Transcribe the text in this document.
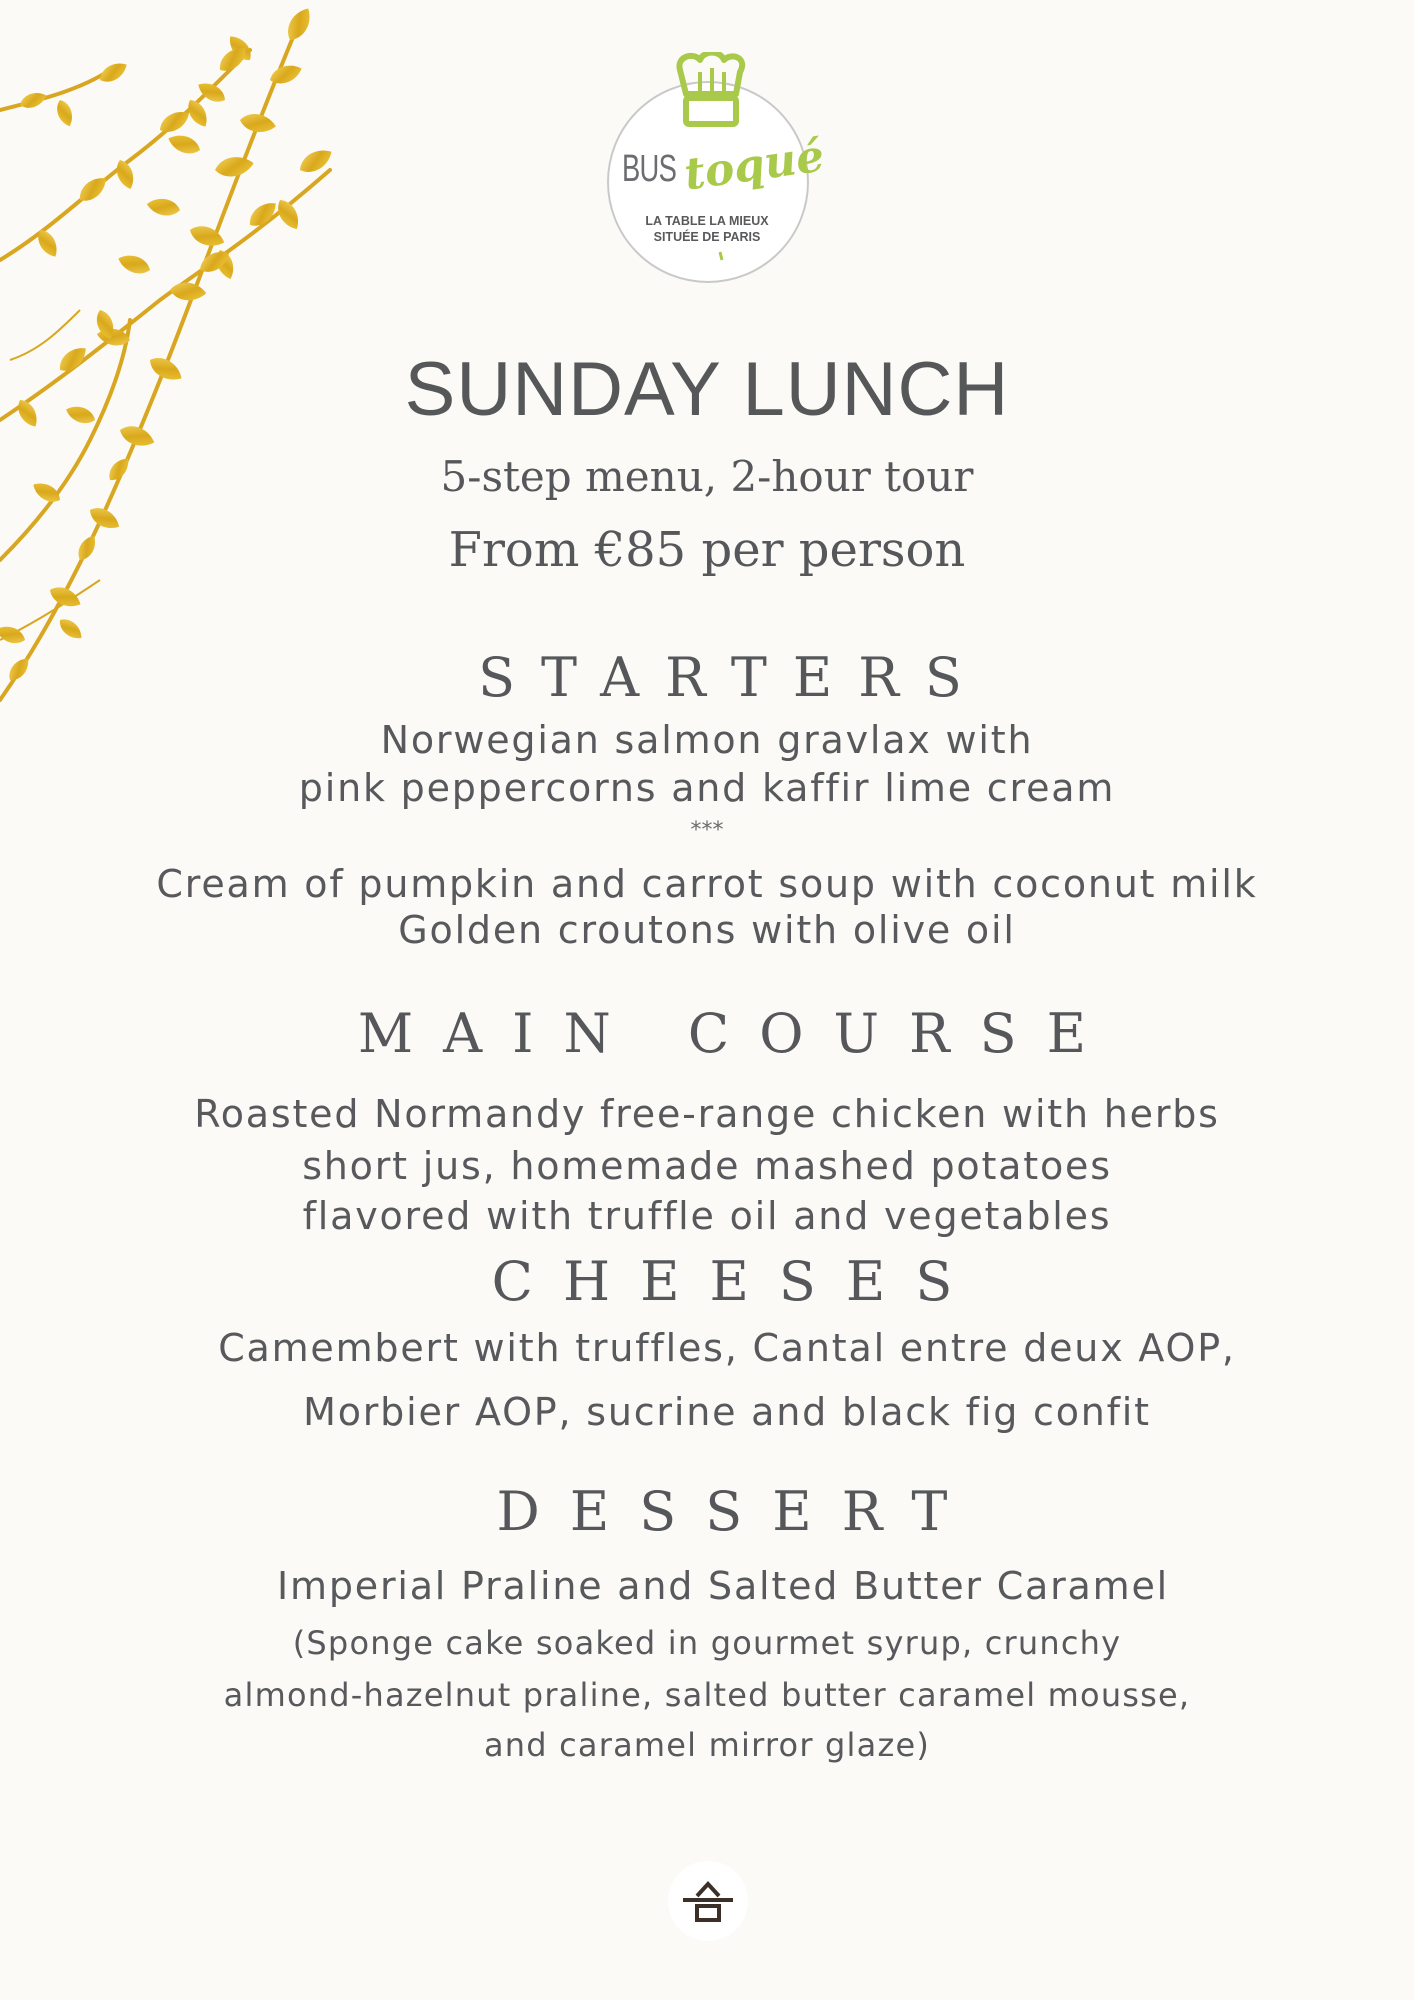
BUS toqué
LA TABLE LA MIEUX
SITUÉE DE PARIS
SUNDAY LUNCH
5-step menu, 2-hour tour
From €85 per person
STARTERS
Norwegian salmon gravlax with
pink peppercorns and kaffir lime cream
***
Cream of pumpkin and carrot soup with coconut milk
Golden croutons with olive oil
MAIN COURSE
Roasted Normandy free-range chicken with herbs
short jus, homemade mashed potatoes
flavored with truffle oil and vegetables
CHEESES
Camembert with truffles, Cantal entre deux AOP,
Morbier AOP, sucrine and black fig confit
DESSERT
Imperial Praline and Salted Butter Caramel
(Sponge cake soaked in gourmet syrup, crunchy
almond-hazelnut praline, salted butter caramel mousse,
and caramel mirror glaze)
